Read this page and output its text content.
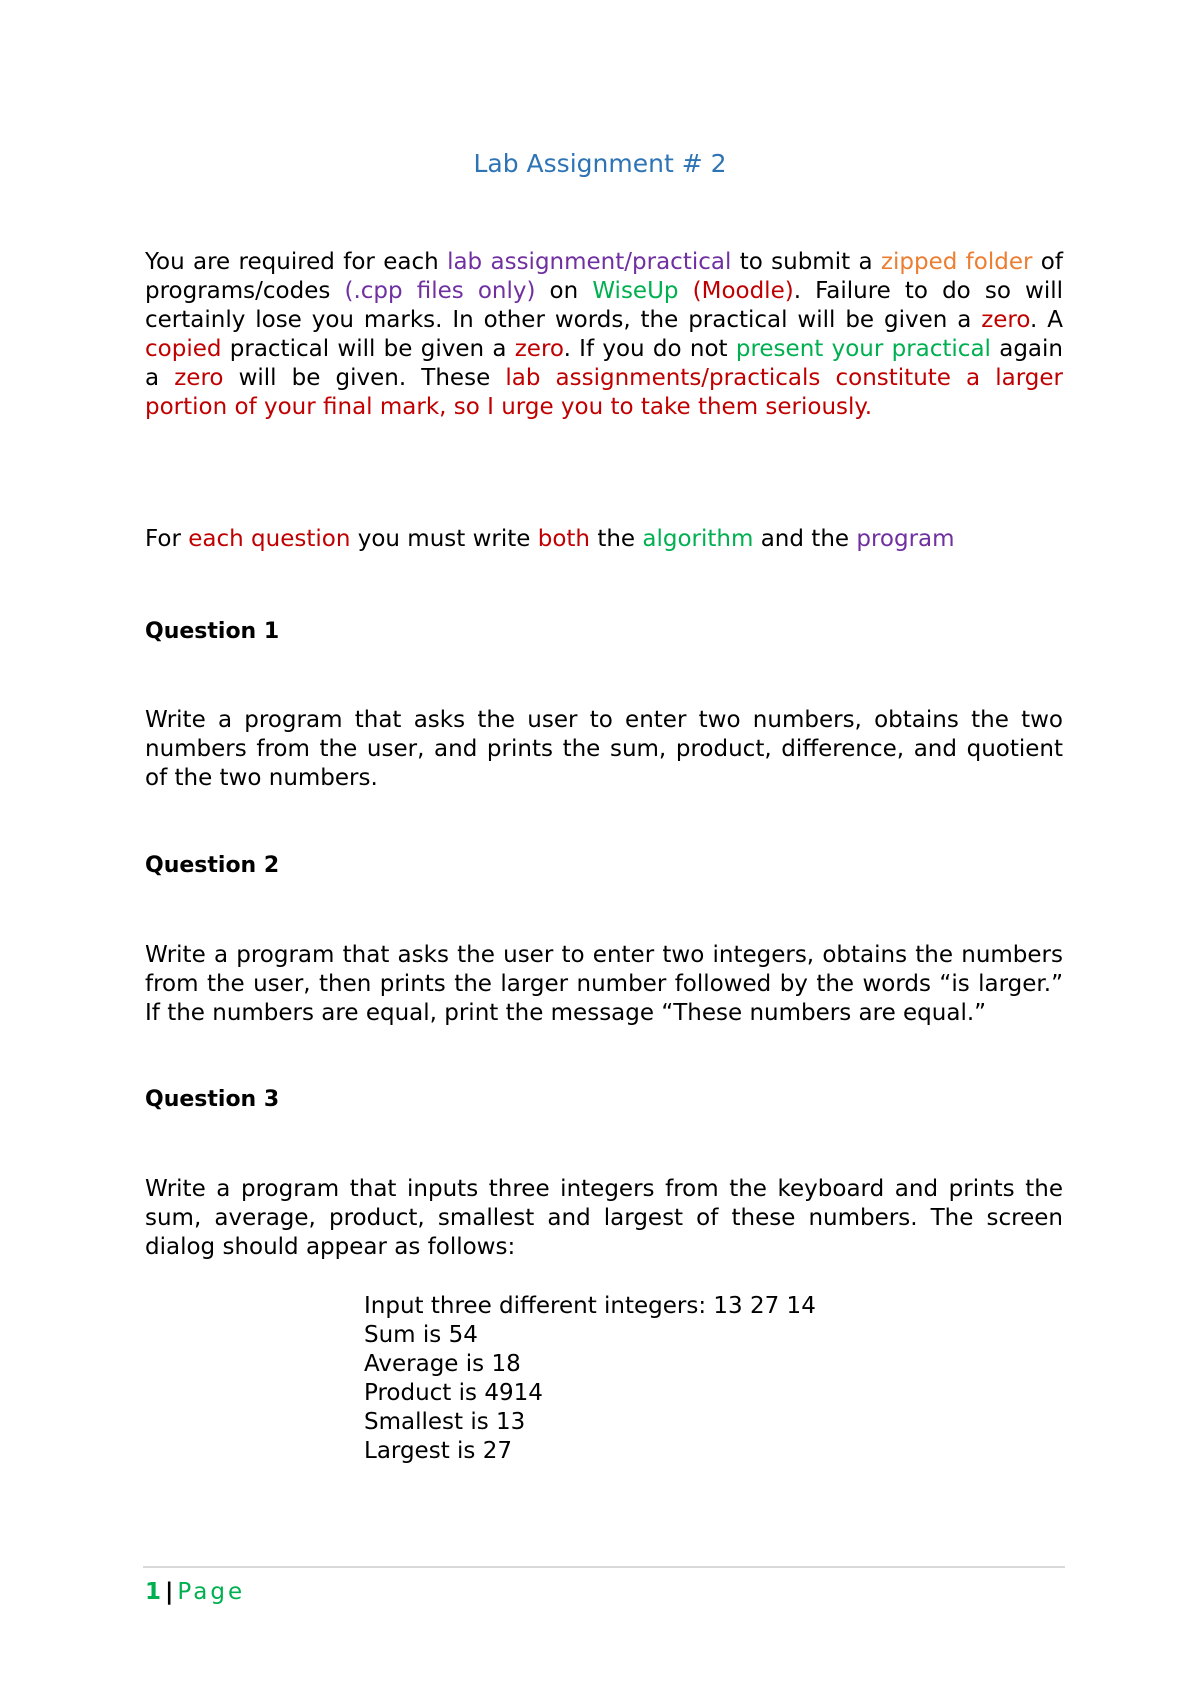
Lab Assignment # 2
You are required for each lab assignment/practical to submit a zipped folder of programs/codes (.cpp files only) on WiseUp (Moodle). Failure to do so will certainly lose you marks. In other words, the practical will be given a zero. A copied practical will be given a zero. If you do not present your practical again a zero will be given. These lab assignments/practicals constitute a larger portion of your final mark, so I urge you to take them seriously.
For each question you must write both the algorithm and the program
Question 1
Write a program that asks the user to enter two numbers, obtains the two numbers from the user, and prints the sum, product, difference, and quotient of the two numbers.
Question 2
Write a program that asks the user to enter two integers, obtains the numbers from the user, then prints the larger number followed by the words “is larger.” If the numbers are equal, print the message “These numbers are equal.”
Question 3
Write a program that inputs three integers from the keyboard and prints the sum, average, product, smallest and largest of these numbers. The screen dialog should appear as follows:
Input three different integers: 13 27 14
Sum is 54
Average is 18
Product is 4914
Smallest is 13
Largest is 27
1 | Page
